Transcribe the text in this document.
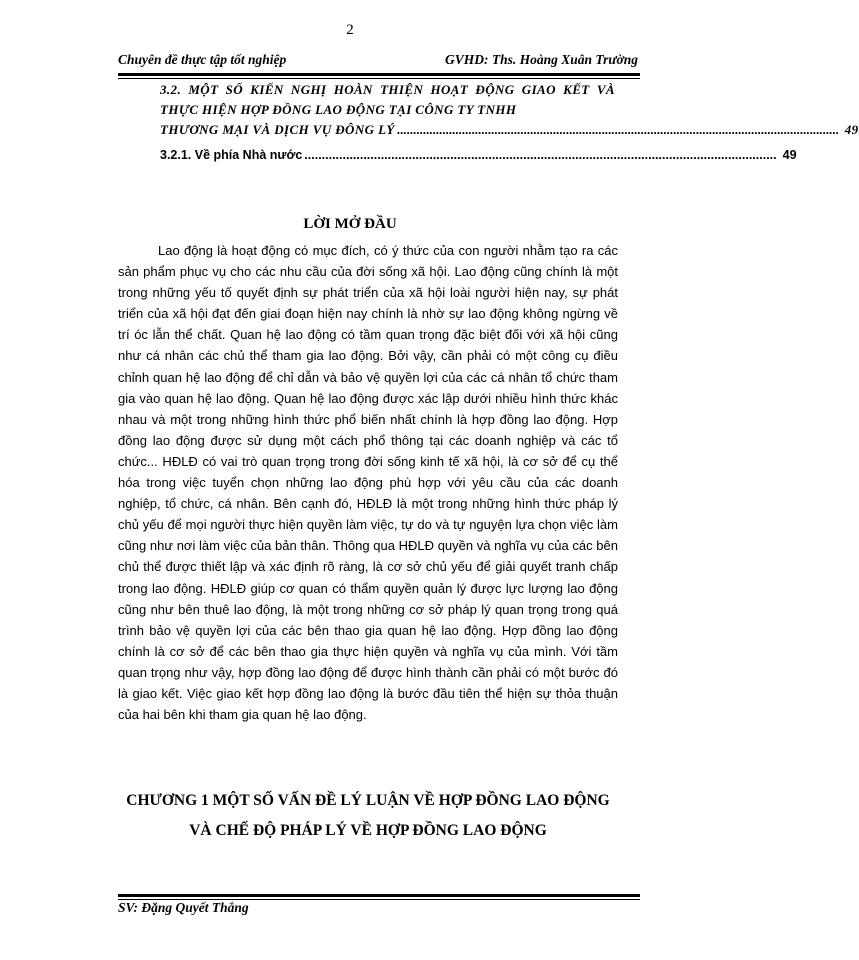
2
Chuyên đề thực tập tốt nghiệp	GVHD: Ths. Hoàng Xuân Trường
3.2. MỘT SỐ KIẾN NGHỊ HOÀN THIỆN HOẠT ĐỘNG GIAO KẾT VÀ THỰC HIỆN HỢP ĐỒNG LAO ĐỘNG TẠI CÔNG TY TNHH
THƯƠNG MẠI VÀ DỊCH VỤ ĐÔNG LÝ ........................................................................................................................................ 49
3.2.1. Về phía Nhà nước ........................................................................................................................................ 49
LỜI MỞ ĐẦU

Lao động là hoạt động có mục đích, có ý thức của con người nhằm tạo ra các sản phẩm phục vụ cho các nhu cầu của đời sống xã hội. Lao động cũng chính là một trong những yếu tố quyết định sự phát triển của xã hội loài người hiện nay, sự phát triển của xã hội đạt đến giai đoạn hiện nay chính là nhờ sự lao động không ngừng về trí óc lẫn thể chất. Quan hệ lao động có tầm quan trọng đặc biệt đối với xã hội cũng như cá nhân các chủ thể tham gia lao động. Bởi vậy, cần phải có một công cụ điều chỉnh quan hệ lao động để chỉ dẫn và bảo vệ quyền lợi của các cá nhân tổ chức tham gia vào quan hệ lao động. Quan hệ lao động được xác lập dưới nhiều hình thức khác nhau và một trong những hình thức phổ biến nhất chính là hợp đồng lao động. Hợp đồng lao động được sử dụng một cách phổ thông tại các doanh nghiệp và các tổ chức... HĐLĐ có vai trò quan trọng trong đời sống kinh tế xã hội, là cơ sở để cụ thể hóa trong việc tuyển chọn những lao động phù hợp với yêu cầu của các doanh nghiệp, tổ chức, cá nhân. Bên cạnh đó, HĐLĐ là một trong những hình thức pháp lý chủ yếu để mọi người thực hiện quyền làm việc, tự do và tự nguyện lựa chọn việc làm cũng như nơi làm việc của bản thân. Thông qua HĐLĐ quyền và nghĩa vụ của các bên chủ thể được thiết lập và xác định rõ ràng, là cơ sở chủ yếu để giải quyết tranh chấp trong lao động. HĐLĐ giúp cơ quan có thẩm quyền quản lý được lực lượng lao động cũng như bên thuê lao động, là một trong những cơ sở pháp lý quan trọng trong quá trình bảo vệ quyền lợi của các bên thao gia quan hệ lao động. Hợp đồng lao động chính là cơ sở để các bên thao gia thực hiện quyền và nghĩa vụ của mình. Với tầm quan trọng như vậy, hợp đồng lao động để được hình thành cần phải có một bước đó là giao kết. Việc giao kết hợp đồng lao động là bước đầu tiên thể hiện sự thỏa thuận của hai bên khi tham gia quan hệ lao động.

CHƯƠNG 1 MỘT SỐ VẤN ĐỀ LÝ LUẬN VỀ HỢP ĐỒNG LAO ĐỘNG VÀ CHẾ ĐỘ PHÁP LÝ VỀ HỢP ĐỒNG LAO ĐỘNG
SV: Đặng Quyết Thắng
